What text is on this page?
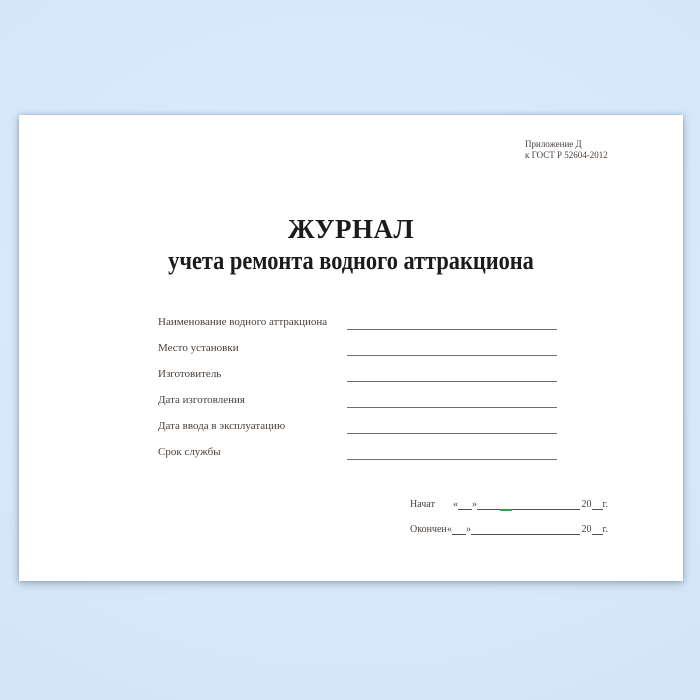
Приложение Д
к ГОСТ Р 52604-2012
ЖУРНАЛ
учета ремонта водного аттракциона
Наименование водного аттракциона
Место установки
Изготовитель
Дата изготовления
Дата ввода в эксплуатацию
Срок службы
Начат	« »	20 г.
Окончен « »	20 г.
